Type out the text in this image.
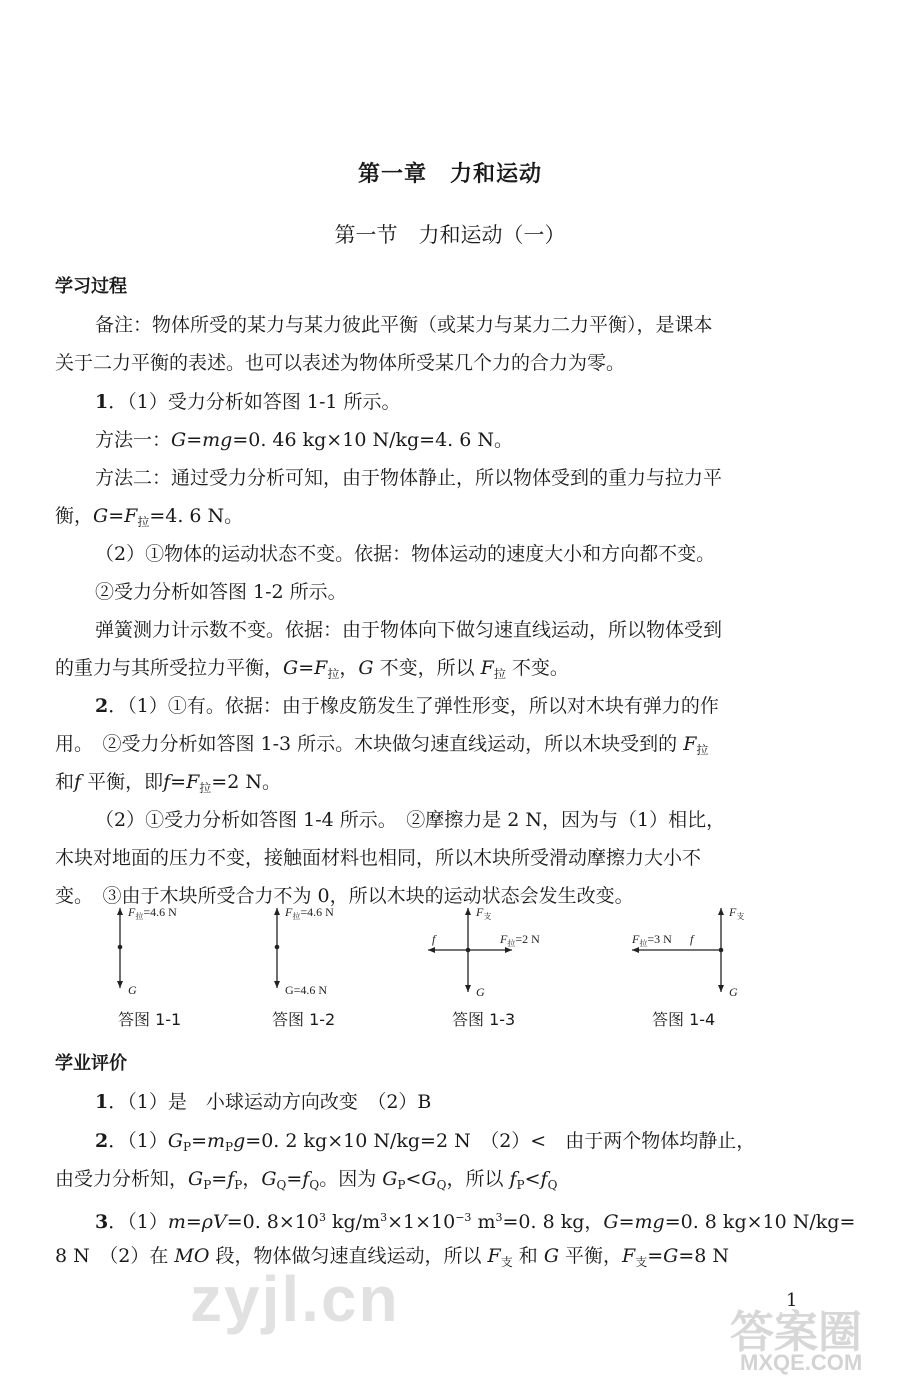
第一章　力和运动
第一节　力和运动（一）
学习过程
备注：物体所受的某力与某力彼此平衡（或某力与某力二力平衡），是课本
关于二力平衡的表述。也可以表述为物体所受某几个力的合力为零。
1．（1）受力分析如答图 1-1 所示。
方法一：G=mg=0. 46 kg×10 N/kg=4. 6 N。
方法二：通过受力分析可知，由于物体静止，所以物体受到的重力与拉力平
衡，$G=F_拉=4$. 6 N。
（2）①物体的运动状态不变。依据：物体运动的速度大小和方向都不变。
②受力分析如答图 1-2 所示。
弹簧测力计示数不变。依据：由于物体向下做匀速直线运动，所以物体受到
的重力与其所受拉力平衡，$G=F_拉$，G 不变，所以 $F_拉$ 不变。
2．（1）①有。依据：由于橡皮筋发生了弹性形变，所以对木块有弹力的作
用。　②受力分析如答图 1-3 所示。木块做匀速直线运动，所以木块受到的 $F_拉$
和f 平衡，即$f=F_拉=2$ N。
（2）①受力分析如答图 1-4 所示。　②摩擦力是 2 N，因为与（1）相比，
木块对地面的压力不变，接触面材料也相同，所以木块所受滑动摩擦力大小不
变。　③由于木块所受合力不为 0，所以木块的运动状态会发生改变。
$F_拉=4.6$ N
G
$F_拉=4.6$ N
G=4.6 N
$F_支$
f	$F_拉=2$ N
G
$F_支$
$F_拉=3$ N f
G
答图 1-1	答图 1-2	答图 1-3	答图 1-4
学业评价
1．（1）是　小球运动方向改变　（2）B
2．$(1)G_P=m_Pg=0$. 2 kg×10 N/kg=2 N　（2）<　由于两个物体均静止，
由受力分析知，$G_P=f_P$，$G_Q=f_Q$。因为 $G_P<G_Q$，所以 $f_P<f_Q$
3．（1）m=ρV=0. $8\times 10^3$ $kg/m^3\times 1\times 10^{-3}$ $m^3=0$. 8 kg，G=mg=0. 8 kg×10 N/kg=
8 N　（2）在 MO 段，物体做匀速直线运动，所以 $F_支$ 和 G 平衡，$F_支=G=8$ N
1
zyjl.cn	答案圈
MXQE.COM
